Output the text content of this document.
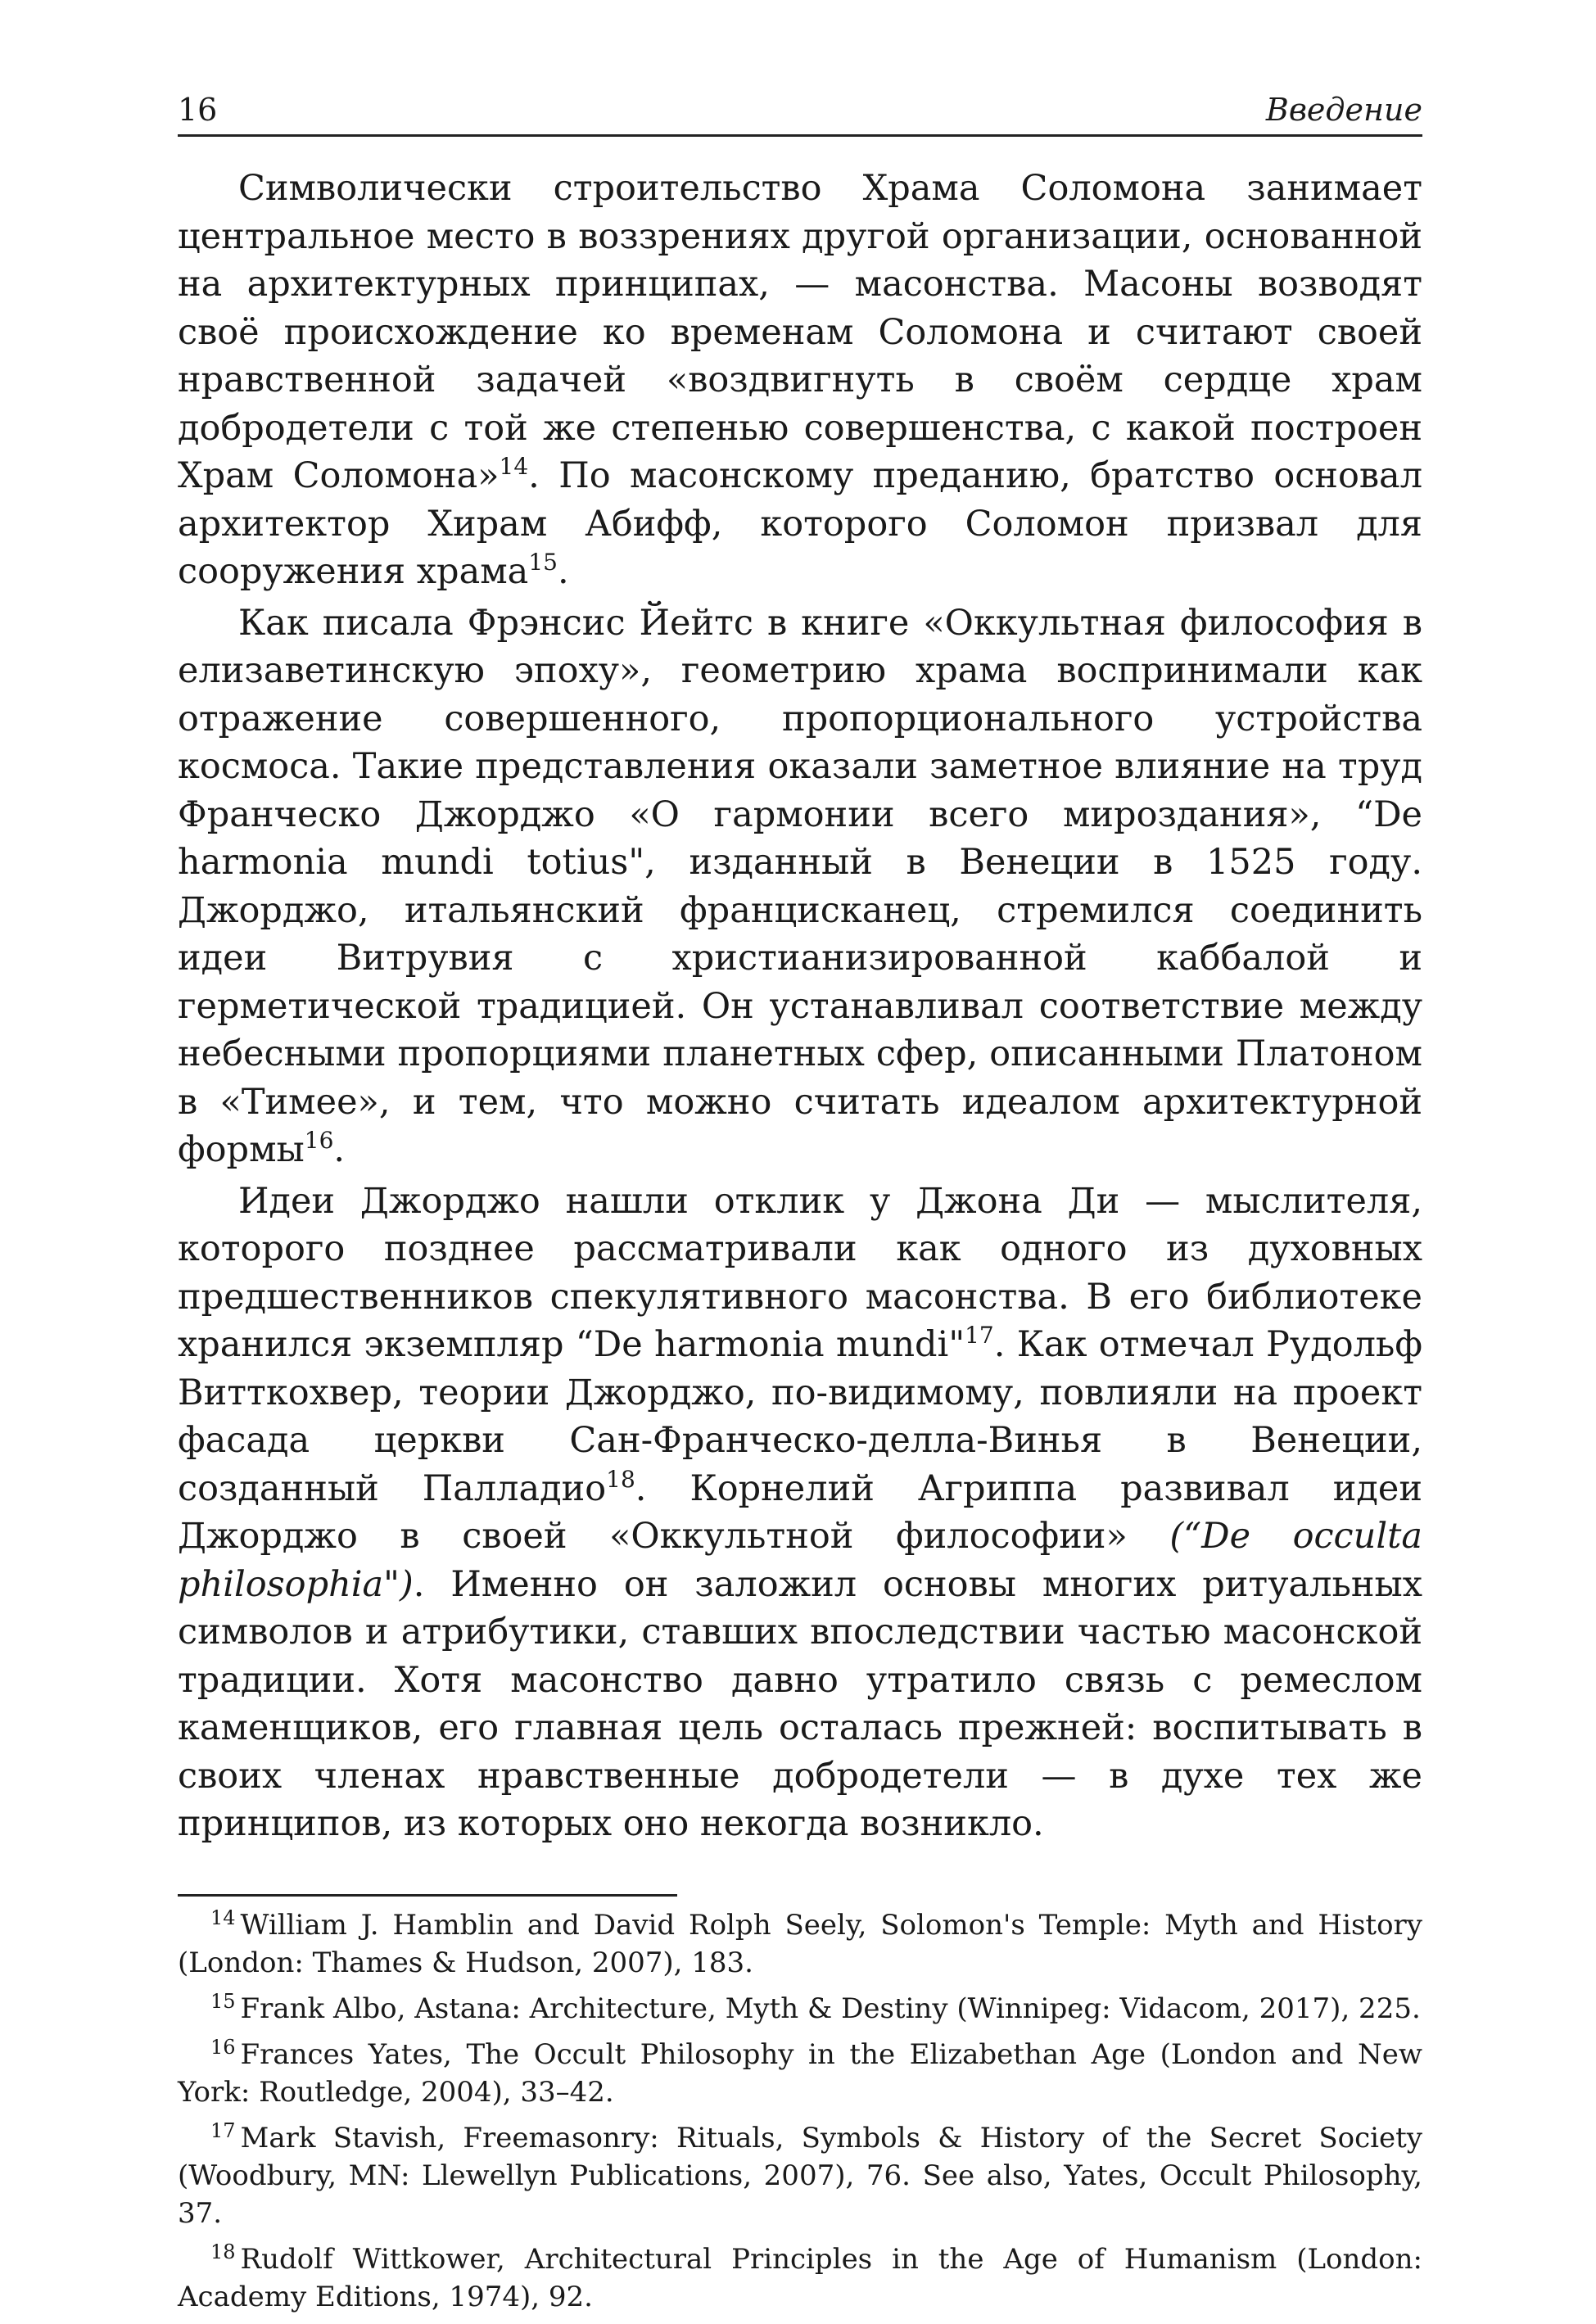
16	Введение

Символически строительство Храма Соломона занимает центральное место в воззрениях другой организации, основанной на архитектурных принципах, — масонства. Масоны возводят своё происхождение ко временам Соломона и считают своей нравственной задачей «воздвигнуть в своём сердце храм добродетели с той же степенью совершенства, с какой построен Храм Соломона»$^{14}$. По масонскому преданию, братство основал архитектор Хирам Абифф, которого Соломон призвал для сооружения храма$^{15}$.

Как писала Фрэнсис Йейтс в книге «Оккультная философия в елизаветинскую эпоху», геометрию храма воспринимали как отражение совершенного, пропорционального устройства космоса. Такие представления оказали заметное влияние на труд Франческо Джорджо «О гармонии всего мироздания», “De harmonia mundi totius", изданный в Венеции в 1525 году. Джорджо, итальянский францисканец, стремился соединить идеи Витрувия с христианизированной каббалой и герметической традицией. Он устанавливал соответствие между небесными пропорциями планетных сфер, описанными Платоном в «Тимее», и тем, что можно считать идеалом архитектурной формы$^{16}$.

Идеи Джорджо нашли отклик у Джона Ди — мыслителя, которого позднее рассматривали как одного из духовных предшественников спекулятивного масонства. В его библиотеке хранился экземпляр “De harmonia mundi"$^{17}$. Как отмечал Рудольф Витткохвер, теории Джорджо, по-видимому, повлияли на проект фасада церкви Сан-Франческо-делла-Винья в Венеции, созданный Палладио$^{18}$. Корнелий Агриппа развивал идеи Джорджо в своей «Оккультной философии» (“De occulta philosophia"). Именно он заложил основы многих ритуальных символов и атрибутики, ставших впоследствии частью масонской традиции. Хотя масонство давно утратило связь с ремеслом каменщиков, его главная цель осталась прежней: воспитывать в своих членах нравственные добродетели — в духе тех же принципов, из которых оно некогда возникло.

$^{14}$ William J. Hamblin and David Rolph Seely, Solomon's Temple: Myth and History (London: Thames & Hudson, 2007), 183.

$^{15}$ Frank Albo, Astana: Architecture, Myth & Destiny (Winnipeg: Vidacom, 2017), 225.

$^{16}$ Frances Yates, The Occult Philosophy in the Elizabethan Age (London and New York: Routledge, 2004), 33–42.

$^{17}$ Mark Stavish, Freemasonry: Rituals, Symbols & History of the Secret Society (Woodbury, MN: Llewellyn Publications, 2007), 76. See also, Yates, Occult Philosophy, 37.

$^{18}$ Rudolf Wittkower, Architectural Principles in the Age of Humanism (London: Academy Editions, 1974), 92.
